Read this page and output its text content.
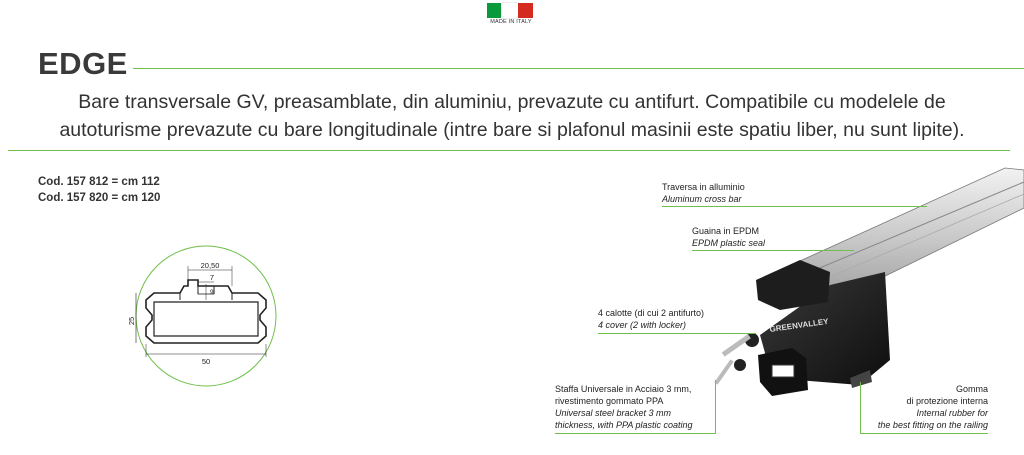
MADE IN ITALY
EDGE
Bare transversale GV, preasamblate, din aluminiu, prevazute cu antifurt. Compatibile cu modelele de
autoturisme prevazute cu bare longitudinale (intre bare si plafonul masinii este spatiu liber, nu sunt lipite).
Cod. 157 812 = cm 112
Cod. 157 820 = cm 120
20,50
7
9
25
50
GREENVALLEY
Traversa in alluminio
Aluminum cross bar
Guaina in EPDM
EPDM plastic seal
4 calotte (di cui 2 antifurto)
4 cover (2 with locker)
Staffa Universale in Acciaio 3 mm,
rivestimento gommato PPA
Universal steel bracket 3 mm
thickness, with PPA plastic coating
Gomma
di protezione interna
Internal rubber for
the best fitting on the railing
